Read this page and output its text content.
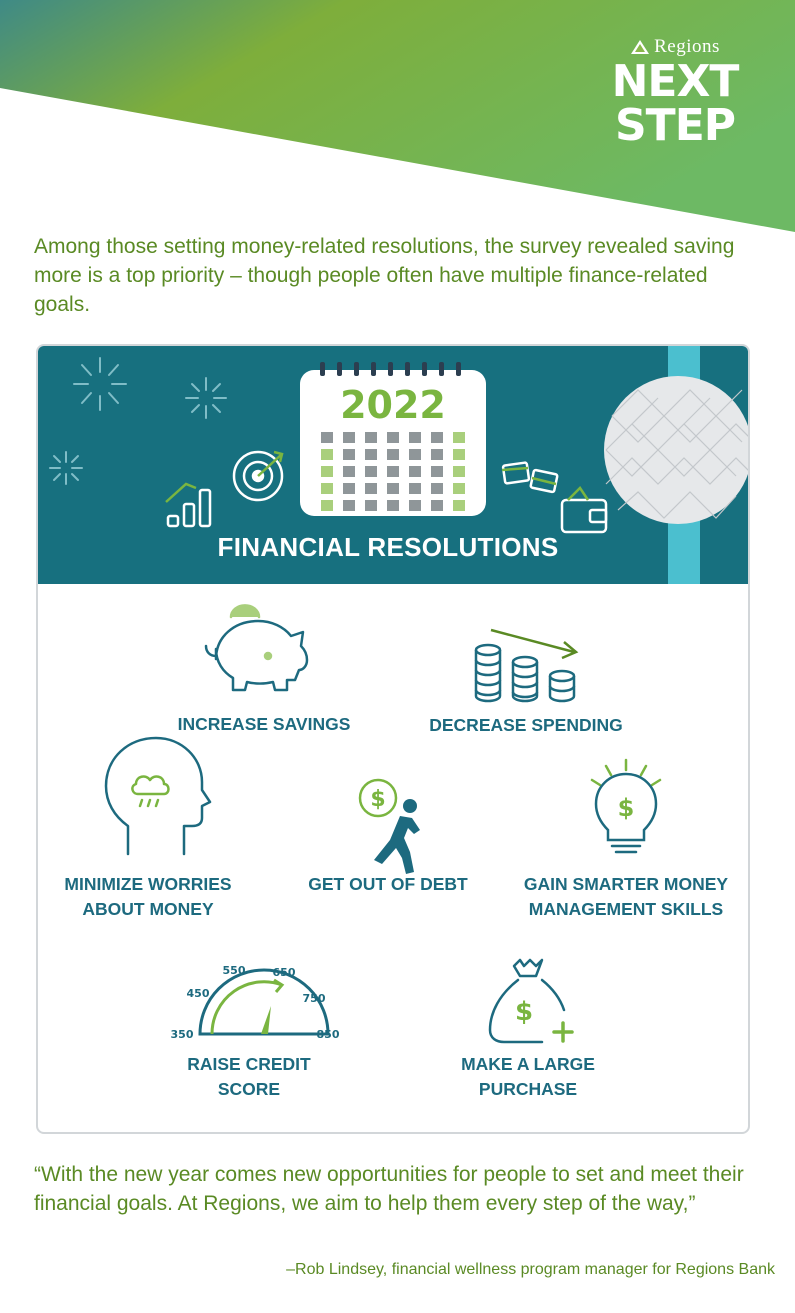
Regions
NEXT
STEP

Among those setting money-related resolutions, the survey revealed saving more is a top priority – though people often have multiple finance-related goals.

2022
FINANCIAL RESOLUTIONS
$	$
350
450
550 650
750
850
$

INCREASE SAVINGS	DECREASE SPENDING

MINIMIZE WORRIES
ABOUT MONEY

GET OUT OF DEBT	GAIN SMARTER MONEY
MANAGEMENT SKILLS

RAISE CREDIT
SCORE

MAKE A LARGE
PURCHASE

“With the new year comes new opportunities for people to set and meet their financial goals. At Regions, we aim to help them every step of the way,”

–Rob Lindsey, financial wellness program manager for Regions Bank
